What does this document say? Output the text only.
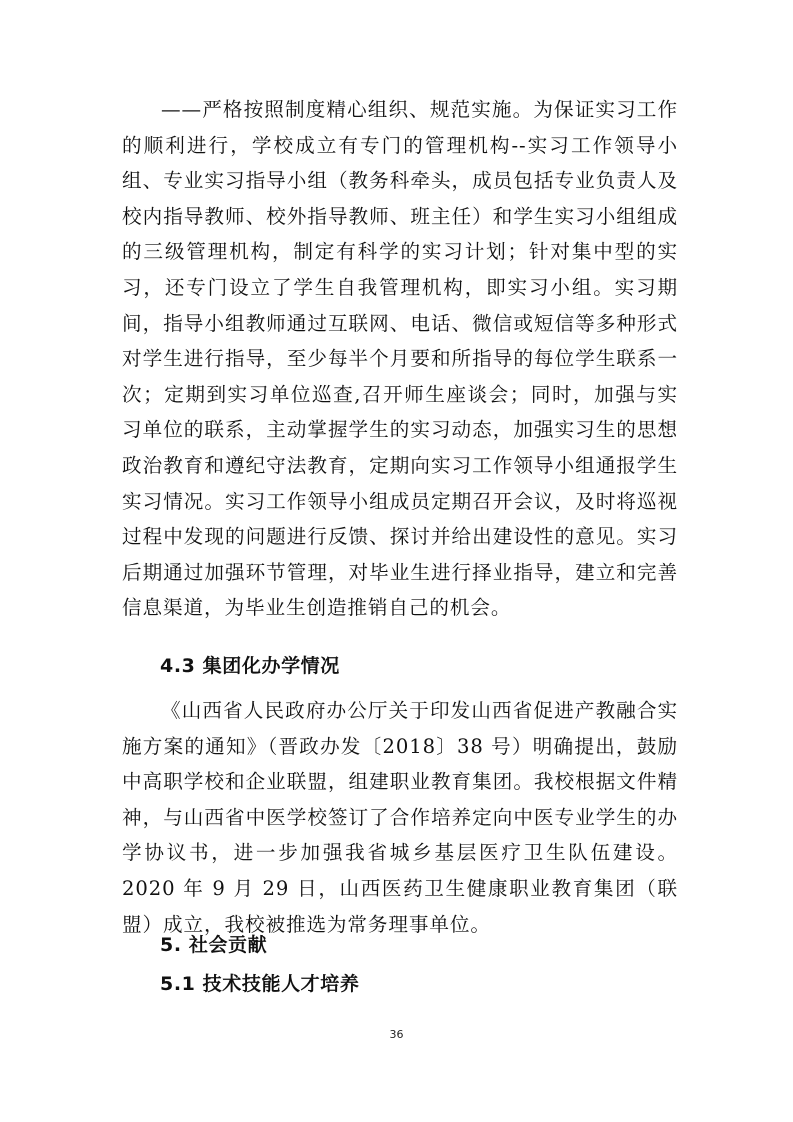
——严格按照制度精心组织、规范实施。为保证实习工作的顺利进行，学校成立有专门的管理机构--实习工作领导小组、专业实习指导小组（教务科牵头，成员包括专业负责人及校内指导教师、校外指导教师、班主任）和学生实习小组组成的三级管理机构，制定有科学的实习计划；针对集中型的实习，还专门设立了学生自我管理机构，即实习小组。实习期间，指导小组教师通过互联网、电话、微信或短信等多种形式对学生进行指导，至少每半个月要和所指导的每位学生联系一次；定期到实习单位巡查,召开师生座谈会；同时，加强与实习单位的联系，主动掌握学生的实习动态，加强实习生的思想政治教育和遵纪守法教育，定期向实习工作领导小组通报学生实习情况。实习工作领导小组成员定期召开会议，及时将巡视过程中发现的问题进行反馈、探讨并给出建设性的意见。实习后期通过加强环节管理，对毕业生进行择业指导，建立和完善信息渠道，为毕业生创造推销自己的机会。

4.3 集团化办学情况

《山西省人民政府办公厅关于印发山西省促进产教融合实施方案的通知》（晋政办发〔2018〕38 号）明确提出，鼓励中高职学校和企业联盟，组建职业教育集团。我校根据文件精神，与山西省中医学校签订了合作培养定向中医专业学生的办学协议书，进一步加强我省城乡基层医疗卫生队伍建设。2020 年 9 月 29 日，山西医药卫生健康职业教育集团（联盟）成立，我校被推选为常务理事单位。

5. 社会贡献
5.1 技术技能人才培养
36
